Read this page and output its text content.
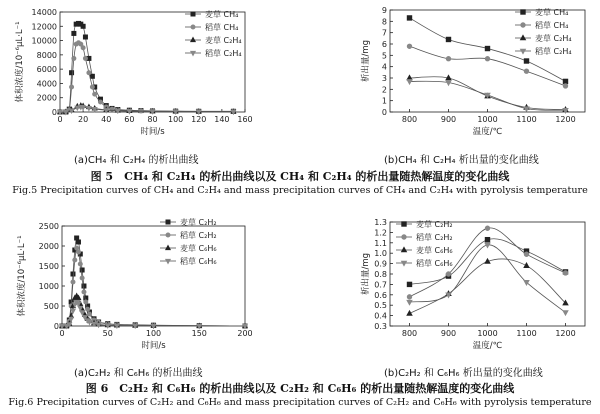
0 20 40 60 80 100 120 140 160
0
2000
4000
6000
8000
10000
12000
14000
时间/s
体积浓度/10⁻⁶μL·L⁻¹
麦草 CH₄
稻草 CH₄
麦草 C₂H₄
稻草 C₂H₄
800	900	1000 1100 1200
0
1
2
3
4
5
6
7
8
9
温度/℃
析出量/mg
麦草 CH₄
稻草 CH₄
麦草 C₂H₄
稻草 C₂H₄
(a)CH₄ 和 C₂H₄ 的析出曲线	(b)CH₄ 和 C₂H₄ 析出量的变化曲线
图 5　CH₄ 和 C₂H₄ 的析出曲线以及 CH₄ 和 C₂H₄ 的析出量随热解温度的变化曲线
Fig.5 Precipitation curves of CH₄ and C₂H₄ and mass precipitation curves of CH₄ and C₂H₄ with pyrolysis temperature
0	50	100	150	200
0
500
1000
1500
2000
2500
时间/s
体积浓度/10⁻⁶μL·L⁻¹
麦草 C₂H₂
稻草 C₂H₂
麦草 C₆H₆
稻草 C₆H₆
800	900	1000 1100 1200
0.3
0.4
0.5
0.6
0.7
0.8
0.9
1.0
1.1
1.2
1.3
温度/℃
析出量/mg
麦草 C₂H₂
稻草 C₂H₂
麦草 C₆H₆
稻草 C₆H₆
(a)C₂H₂ 和 C₆H₆ 的析出曲线	(b)C₂H₂ 和 C₆H₆ 析出量的变化曲线
图 6　C₂H₂ 和 C₆H₆ 的析出曲线以及 C₂H₂ 和 C₆H₆ 的析出量随热解温度的变化曲线
Fig.6 Precipitation curves of C₂H₂ and C₆H₆ and mass precipitation curves of C₂H₂ and C₆H₆ with pyrolysis temperature
